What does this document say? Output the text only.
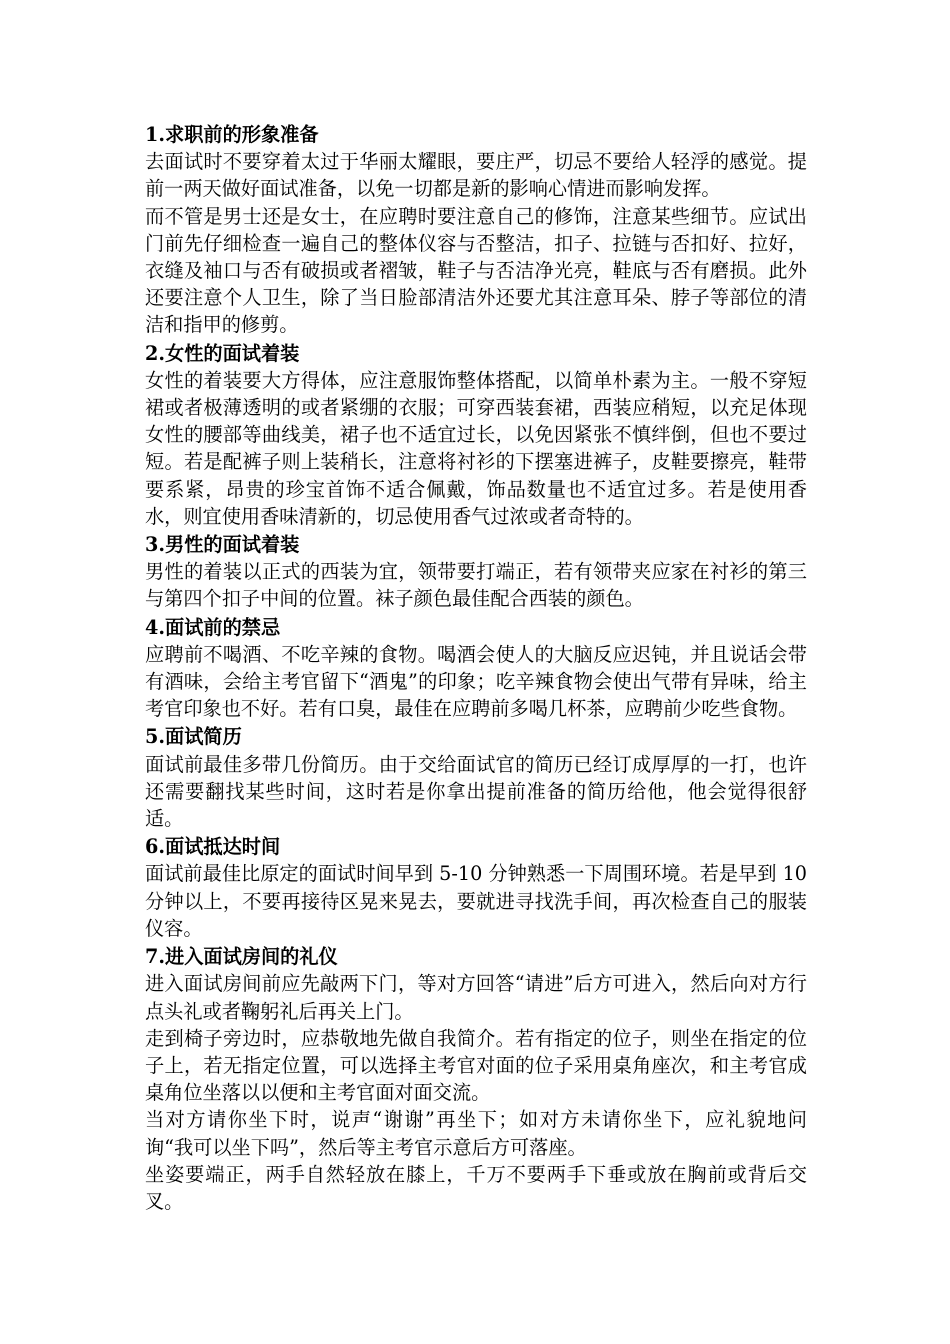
1.求职前的形象准备

去面试时不要穿着太过于华丽太耀眼，要庄严，切忌不要给人轻浮的感觉。提前一两天做好面试准备，以免一切都是新的影响心情进而影响发挥。

而不管是男士还是女士，在应聘时要注意自己的修饰，注意某些细节。应试出门前先仔细检查一遍自己的整体仪容与否整洁，扣子、拉链与否扣好、拉好，衣缝及袖口与否有破损或者褶皱，鞋子与否洁净光亮，鞋底与否有磨损。此外还要注意个人卫生，除了当日脸部清洁外还要尤其注意耳朵、脖子等部位的清洁和指甲的修剪。

2.女性的面试着装

女性的着装要大方得体，应注意服饰整体搭配，以简单朴素为主。一般不穿短裙或者极薄透明的或者紧绷的衣服；可穿西装套裙，西装应稍短，以充足体现女性的腰部等曲线美，裙子也不适宜过长，以免因紧张不慎绊倒，但也不要过短。若是配裤子则上装稍长，注意将衬衫的下摆塞进裤子，皮鞋要擦亮，鞋带要系紧，昂贵的珍宝首饰不适合佩戴，饰品数量也不适宜过多。若是使用香水，则宜使用香味清新的，切忌使用香气过浓或者奇特的。

3.男性的面试着装

男性的着装以正式的西装为宜，领带要打端正，若有领带夹应家在衬衫的第三与第四个扣子中间的位置。袜子颜色最佳配合西装的颜色。

4.面试前的禁忌

应聘前不喝酒、不吃辛辣的食物。喝酒会使人的大脑反应迟钝，并且说话会带有酒味，会给主考官留下“酒鬼”的印象；吃辛辣食物会使出气带有异味，给主考官印象也不好。若有口臭，最佳在应聘前多喝几杯茶，应聘前少吃些食物。

5.面试简历

面试前最佳多带几份简历。由于交给面试官的简历已经订成厚厚的一打，也许还需要翻找某些时间，这时若是你拿出提前准备的简历给他，他会觉得很舒适。

6.面试抵达时间

面试前最佳比原定的面试时间早到 5-10 分钟熟悉一下周围环境。若是早到 10 分钟以上，不要再接待区晃来晃去，要就进寻找洗手间，再次检查自己的服装仪容。

7.进入面试房间的礼仪

进入面试房间前应先敲两下门，等对方回答“请进”后方可进入，然后向对方行点头礼或者鞠躬礼后再关上门。

走到椅子旁边时，应恭敬地先做自我简介。若有指定的位子，则坐在指定的位子上，若无指定位置，可以选择主考官对面的位子采用桌角座次，和主考官成桌角位坐落以以便和主考官面对面交流。

当对方请你坐下时，说声“谢谢”再坐下；如对方未请你坐下，应礼貌地问询“我可以坐下吗”，然后等主考官示意后方可落座。

坐姿要端正，两手自然轻放在膝上，千万不要两手下垂或放在胸前或背后交叉。
